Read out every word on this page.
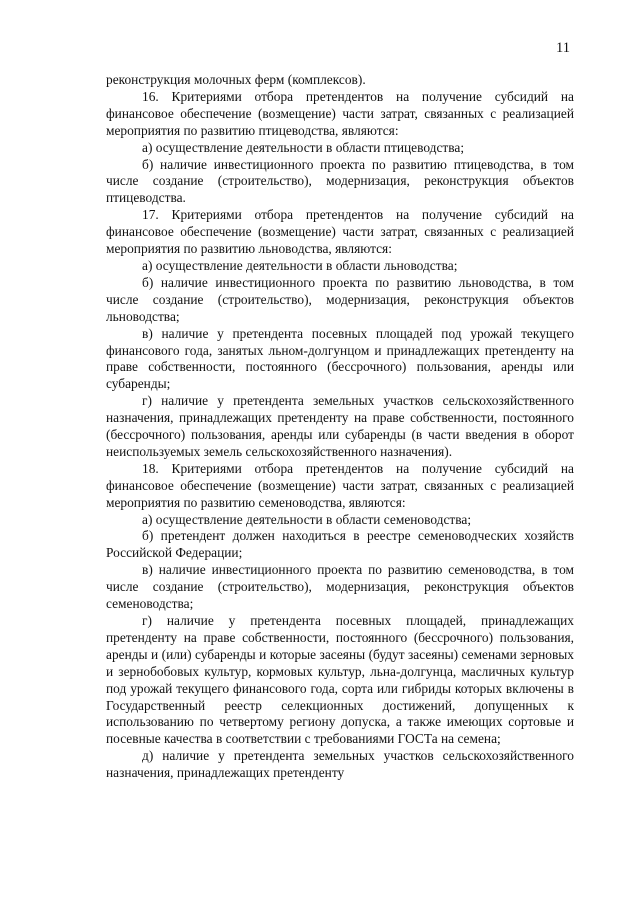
11

реконструкция молочных ферм (комплексов).

16. Критериями отбора претендентов на получение субсидий на финансовое обеспечение (возмещение) части затрат, связанных с реализацией мероприятия по развитию птицеводства, являются:

а) осуществление деятельности в области птицеводства;

б) наличие инвестиционного проекта по развитию птицеводства, в том числе создание (строительство), модернизация, реконструкция объектов птицеводства.

17. Критериями отбора претендентов на получение субсидий на финансовое обеспечение (возмещение) части затрат, связанных с реализацией мероприятия по развитию льноводства, являются:

а) осуществление деятельности в области льноводства;

б) наличие инвестиционного проекта по развитию льноводства, в том числе создание (строительство), модернизация, реконструкция объектов льноводства;

в) наличие у претендента посевных площадей под урожай текущего финансового года, занятых льном-долгунцом и принадлежащих претенденту на праве собственности, постоянного (бессрочного) пользования, аренды или субаренды;

г) наличие у претендента земельных участков сельскохозяйственного назначения, принадлежащих претенденту на праве собственности, постоянного (бессрочного) пользования, аренды или субаренды (в части введения в оборот неиспользуемых земель сельскохозяйственного назначения).

18. Критериями отбора претендентов на получение субсидий на финансовое обеспечение (возмещение) части затрат, связанных с реализацией мероприятия по развитию семеноводства, являются:

а) осуществление деятельности в области семеноводства;

б) претендент должен находиться в реестре семеноводческих хозяйств Российской Федерации;

в) наличие инвестиционного проекта по развитию семеноводства, в том числе создание (строительство), модернизация, реконструкция объектов семеноводства;

г) наличие у претендента посевных площадей, принадлежащих претенденту на праве собственности, постоянного (бессрочного) пользования, аренды и (или) субаренды и которые засеяны (будут засеяны) семенами зерновых и зернобобовых культур, кормовых культур, льна-долгунца, масличных культур под урожай текущего финансового года, сорта или гибриды которых включены в Государственный реестр селекционных достижений, допущенных к использованию по четвертому региону допуска, а также имеющих сортовые и посевные качества в соответствии с требованиями ГОСТа на семена;

д) наличие у претендента земельных участков сельскохозяйственного назначения, принадлежащих претенденту
